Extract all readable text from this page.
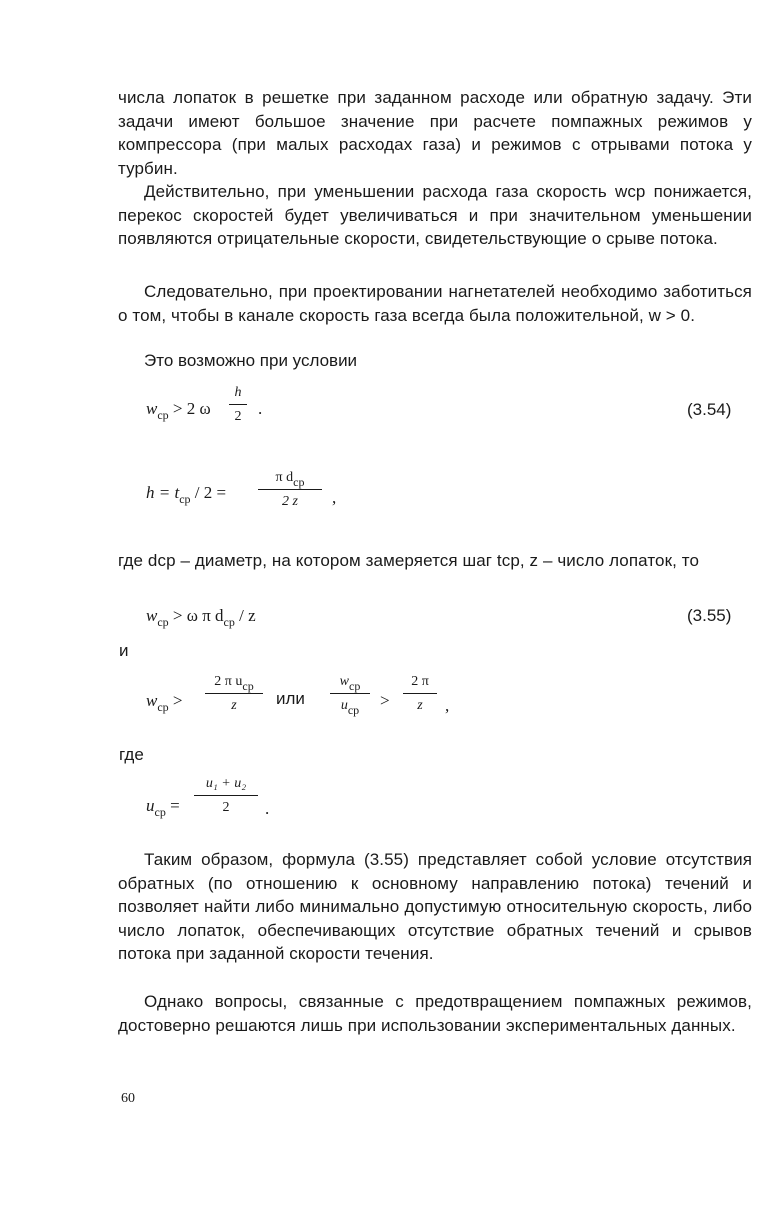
числа лопаток в решетке при заданном расходе или обратную задачу. Эти задачи имеют большое значение при расчете помпажных режимов у компрессора (при малых расходах газа) и режимов с отрывами потока у турбин.
Действительно, при уменьшении расхода газа скорость wср понижается, перекос скоростей будет увеличиваться и при значительном уменьшении появляются отрицательные скорости, свидетельствующие о срыве потока.
Следовательно, при проектировании нагнетателей необходимо заботиться о том, чтобы в канале скорость газа всегда была положительной, w > 0.
Это возможно при условии
$w_{ср} > 2$ ω
h
2 .	(3.54)
$h = t_{ср} / 2$ =
π dср
2 z	,
где dср – диаметр, на котором замеряется шаг tср, z – число лопаток, то
$w_{ср} > \omega$ π $d_{ср}$ / z	(3.55)
и
$w_{ср}$ >
2 π uср
z	или
wср
uср	>
2 π
z	,
где
$u_{ср}$ =
u₁ + u₂
2	.
Таким образом, формула (3.55) представляет собой условие отсутствия обратных (по отношению к основному направлению потока) течений и позволяет найти либо минимально допустимую относительную скорость, либо число лопаток, обеспечивающих отсутствие обратных течений и срывов потока при заданной скорости течения.
Однако вопросы, связанные с предотвращением помпажных режимов, достоверно решаются лишь при использовании экспериментальных данных.
60
